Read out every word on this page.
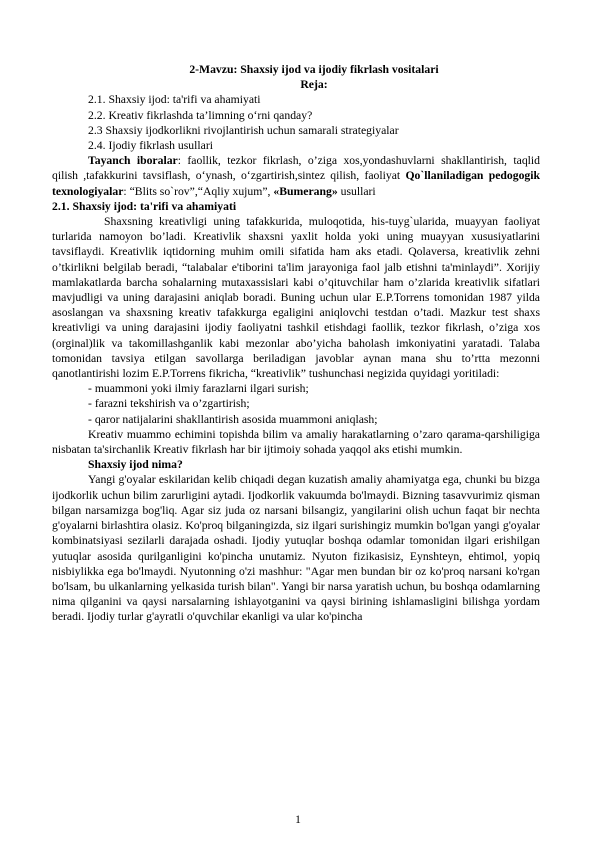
2-Mavzu: Shaxsiy ijod va ijodiy fikrlash vositalari

Reja:

2.1. Shaxsiy ijod: ta'rifi va ahamiyati

2.2. Kreativ fikrlashda ta’limning o‘rni qanday?

2.3 Shaxsiy ijodkorlikni rivojlantirish uchun samarali strategiyalar

2.4. Ijodiy fikrlash usullari

Tayanch iboralar: faollik, tezkor fikrlash, o’ziga xos,yondashuvlarni shakllantirish, taqlid qilish ,tafakkurini tavsiflash, o‘ynash, o‘zgartirish,sintez qilish, faoliyat Qo`llaniladigan pedogogik texnologiyalar: “Blits so`rov”,“Aqliy xujum”, «Bumerang» usullari

2.1. Shaxsiy ijod: ta'rifi va ahamiyati

Shaxsning kreativligi uning tafakkurida, muloqotida, his-tuyg`ularida, muayyan faoliyat turlarida namoyon bo’ladi. Kreativlik shaxsni yaxlit holda yoki uning muayyan xususiyatlarini tavsiflaydi. Kreativlik iqtidorning muhim omili sifatida ham aks etadi. Qolaversa, kreativlik zehni o’tkirlikni belgilab beradi, “talabalar e'tiborini ta'lim jarayoniga faol jalb etishni ta'minlaydi”. Xorijiy mamlakatlarda barcha sohalarning mutaxassislari kabi o’qituvchilar ham o’zlarida kreativlik sifatlari mavjudligi va uning darajasini aniqlab boradi. Buning uchun ular E.P.Torrens tomonidan 1987 yilda asoslangan va shaxsning kreativ tafakkurga egaligini aniqlovchi testdan o’tadi. Mazkur test shaxs kreativligi va uning darajasini ijodiy faoliyatni tashkil etishdagi faollik, tezkor fikrlash, o’ziga xos (orginal)lik va takomillashganlik kabi mezonlar аbo’yicha baholash imkoniyatini yaratadi. Talaba tomonidan tavsiya etilgan savollarga beriladigan javoblar aynan mana shu to’rtta mezonni qanotlantirishi lozim E.P.Torrens fikricha, “kreativlik” tushunchasi negizida quyidagi yoritiladi:

- muammoni yoki ilmiy farazlarni ilgari surish;

- farazni tekshirish va o’zgartirish;

- qaror natijalarini shakllantirish asosida muammoni aniqlash;

Kreativ muammo echimini topishda bilim va amaliy harakatlarning o’zaro qarama-qarshiligiga nisbatan ta'sirchanlik Kreativ fikrlash har bir ijtimoiy sohada yaqqol aks etishi mumkin.

Shaxsiy ijod nima?

Yangi g'oyalar eskilaridan kelib chiqadi degan kuzatish amaliy ahamiyatga ega, chunki bu bizga ijodkorlik uchun bilim zarurligini aytadi. Ijodkorlik vakuumda bo'lmaydi. Bizning tasavvurimiz qisman bilgan narsamizga bog'liq. Agar siz juda oz narsani bilsangiz, yangilarini olish uchun faqat bir nechta g'oyalarni birlashtira olasiz. Ko'proq bilganingizda, siz ilgari surishingiz mumkin bo'lgan yangi g'oyalar kombinatsiyasi sezilarli darajada oshadi. Ijodiy yutuqlar boshqa odamlar tomonidan ilgari erishilgan yutuqlar asosida qurilganligini ko'pincha unutamiz. Nyuton fizikasisiz, Eynshteyn, ehtimol, yopiq nisbiylikka ega bo'lmaydi. Nyutonning o'zi mashhur: "Agar men bundan bir oz ko'proq narsani ko'rgan bo'lsam, bu ulkanlarning yelkasida turish bilan". Yangi bir narsa yaratish uchun, bu boshqa odamlarning nima qilganini va qaysi narsalarning ishlayotganini va qaysi birining ishlamasligini bilishga yordam beradi. Ijodiy turlar g'ayratli o'quvchilar ekanligi va ular ko'pincha

1
